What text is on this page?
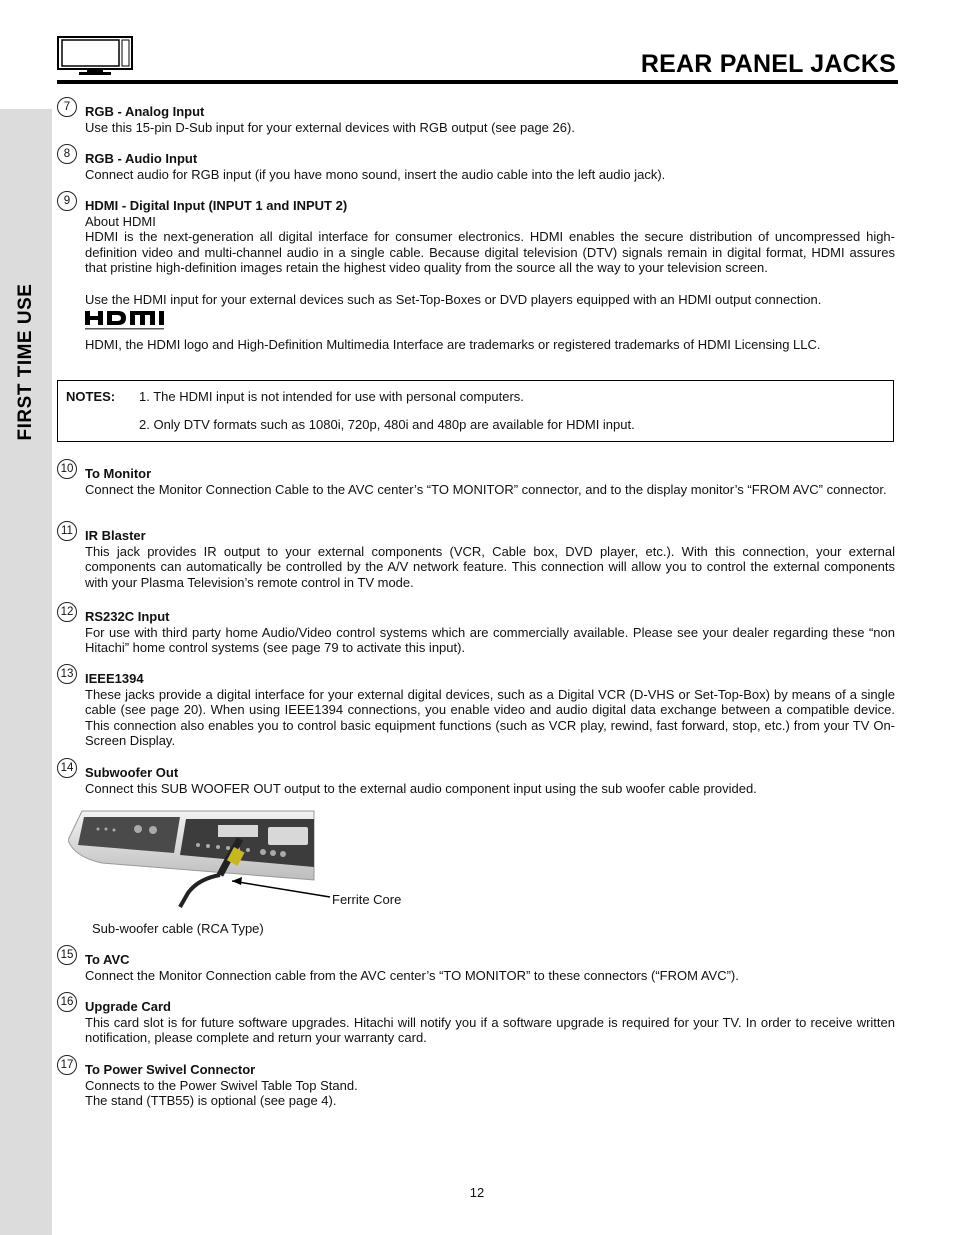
REAR PANEL JACKS
FIRST TIME USE
7	RGB - Analog Input

Use this 15-pin D-Sub input for your external devices with RGB output (see page 26).

8	RGB - Audio Input

Connect audio for RGB input (if you have mono sound, insert the audio cable into the left audio jack).

9	HDMI - Digital Input (INPUT 1 and INPUT 2)

About HDMI

HDMI is the next-generation all digital interface for consumer electronics. HDMI enables the secure distribution of uncompressed high-definition video and multi-channel audio in a single cable. Because digital television (DTV) signals remain in digital format, HDMI assures that pristine high-definition images retain the highest video quality from the source all the way to your television screen.

Use the HDMI input for your external devices such as Set-Top-Boxes or DVD players equipped with an HDMI output connection.

HDMI, the HDMI logo and High-Definition Multimedia Interface are trademarks or registered trademarks of HDMI Licensing LLC.

NOTES: 1. The HDMI input is not intended for use with personal computers.
2. Only DTV formats such as 1080i, 720p, 480i and 480p are available for HDMI input.
10 To Monitor

Connect the Monitor Connection Cable to the AVC center’s “TO MONITOR” connector, and to the display monitor’s “FROM AVC” connector.

11 IR Blaster

This jack provides IR output to your external components (VCR, Cable box, DVD player, etc.). With this connection, your external components can automatically be controlled by the A/V network feature. This connection will allow you to control the external components with your Plasma Television’s remote control in TV mode.

12 RS232C Input

For use with third party home Audio/Video control systems which are commercially available. Please see your dealer regarding these “non Hitachi” home control systems (see page 79 to activate this input).

13 IEEE1394

These jacks provide a digital interface for your external digital devices, such as a Digital VCR (D-VHS or Set-Top-Box) by means of a single cable (see page 20). When using IEEE1394 connections, you enable video and audio digital data exchange between a compatible device. This connection also enables you to control basic equipment functions (such as VCR play, rewind, fast forward, stop, etc.) from your TV On-Screen Display.

14 Subwoofer Out

Connect this SUB WOOFER OUT output to the external audio component input using the sub woofer cable provided.

Ferrite Core
Sub-woofer cable (RCA Type)
15 To AVC

Connect the Monitor Connection cable from the AVC center’s “TO MONITOR” to these connectors (“FROM AVC”).

16 Upgrade Card

This card slot is for future software upgrades. Hitachi will notify you if a software upgrade is required for your TV. In order to receive written notification, please complete and return your warranty card.

17 To Power Swivel Connector

Connects to the Power Swivel Table Top Stand.

The stand (TTB55) is optional (see page 4).

12
